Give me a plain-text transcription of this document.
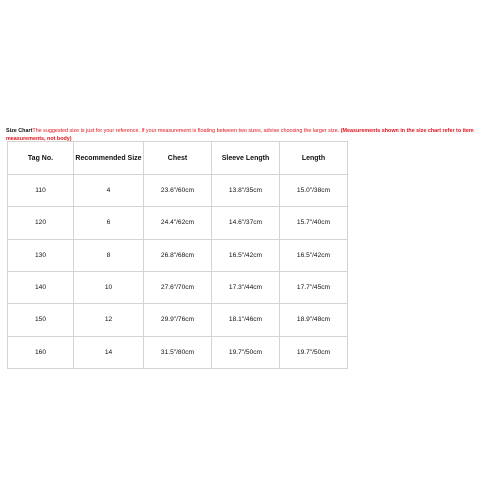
Size ChartThe suggested size is just for your reference. If your measurement is floating between two sizes, advise choosing the larger size. (Measurements shown in the size chart refer to item measurements, not body)

Tag No.	Recommended Size	Chest	Sleeve Length	Length
110	4	23.6"/60cm	13.8"/35cm	15.0"/38cm
120	6	24.4"/62cm	14.6"/37cm	15.7"/40cm
130	8	26.8"/68cm	16.5"/42cm	16.5"/42cm
140	10	27.6"/70cm	17.3"/44cm	17.7"/45cm
150	12	29.9"/76cm	18.1"/46cm	18.9"/48cm
160	14	31.5"/80cm	19.7"/50cm	19.7"/50cm
